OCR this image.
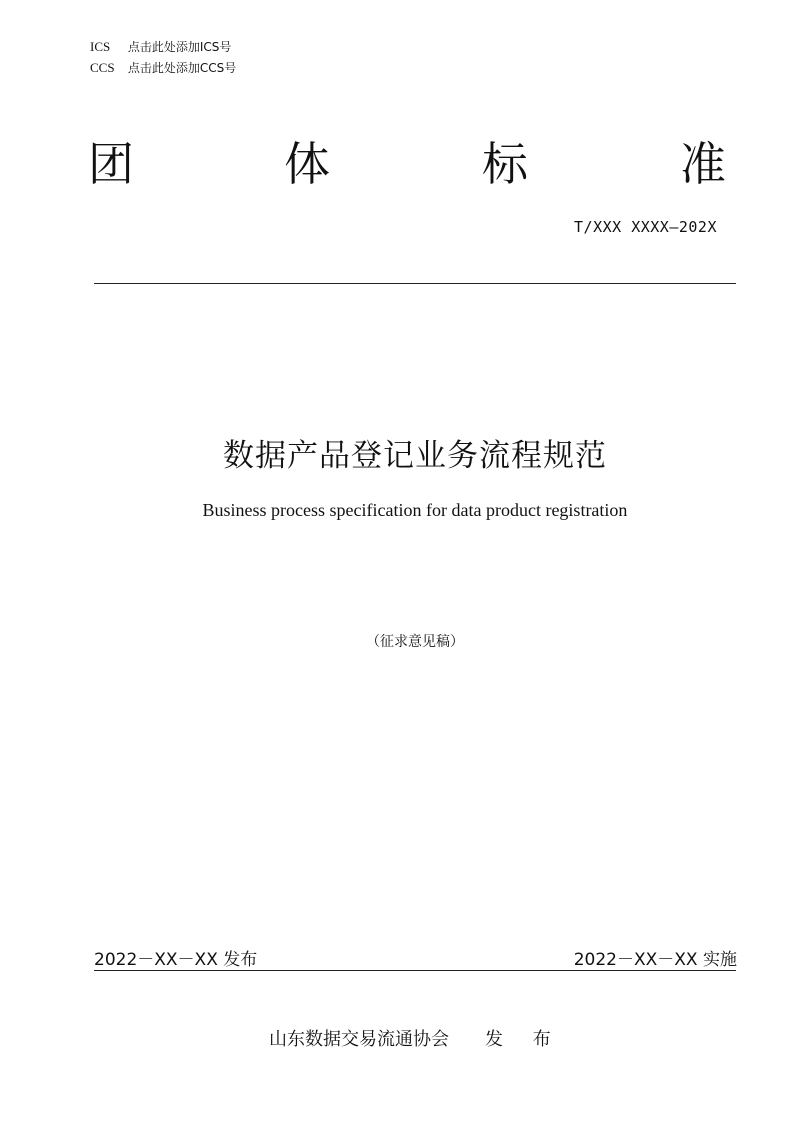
ICS 点击此处添加ICS号
CCS 点击此处添加CCS号
团	体	标	准
T/XXX XXXX—202X
数据产品登记业务流程规范
Business process specification for data product registration
（征求意见稿）
2022－XX－XX 发布	2022－XX－XX 实施
山东数据交易流通协会 发 布
